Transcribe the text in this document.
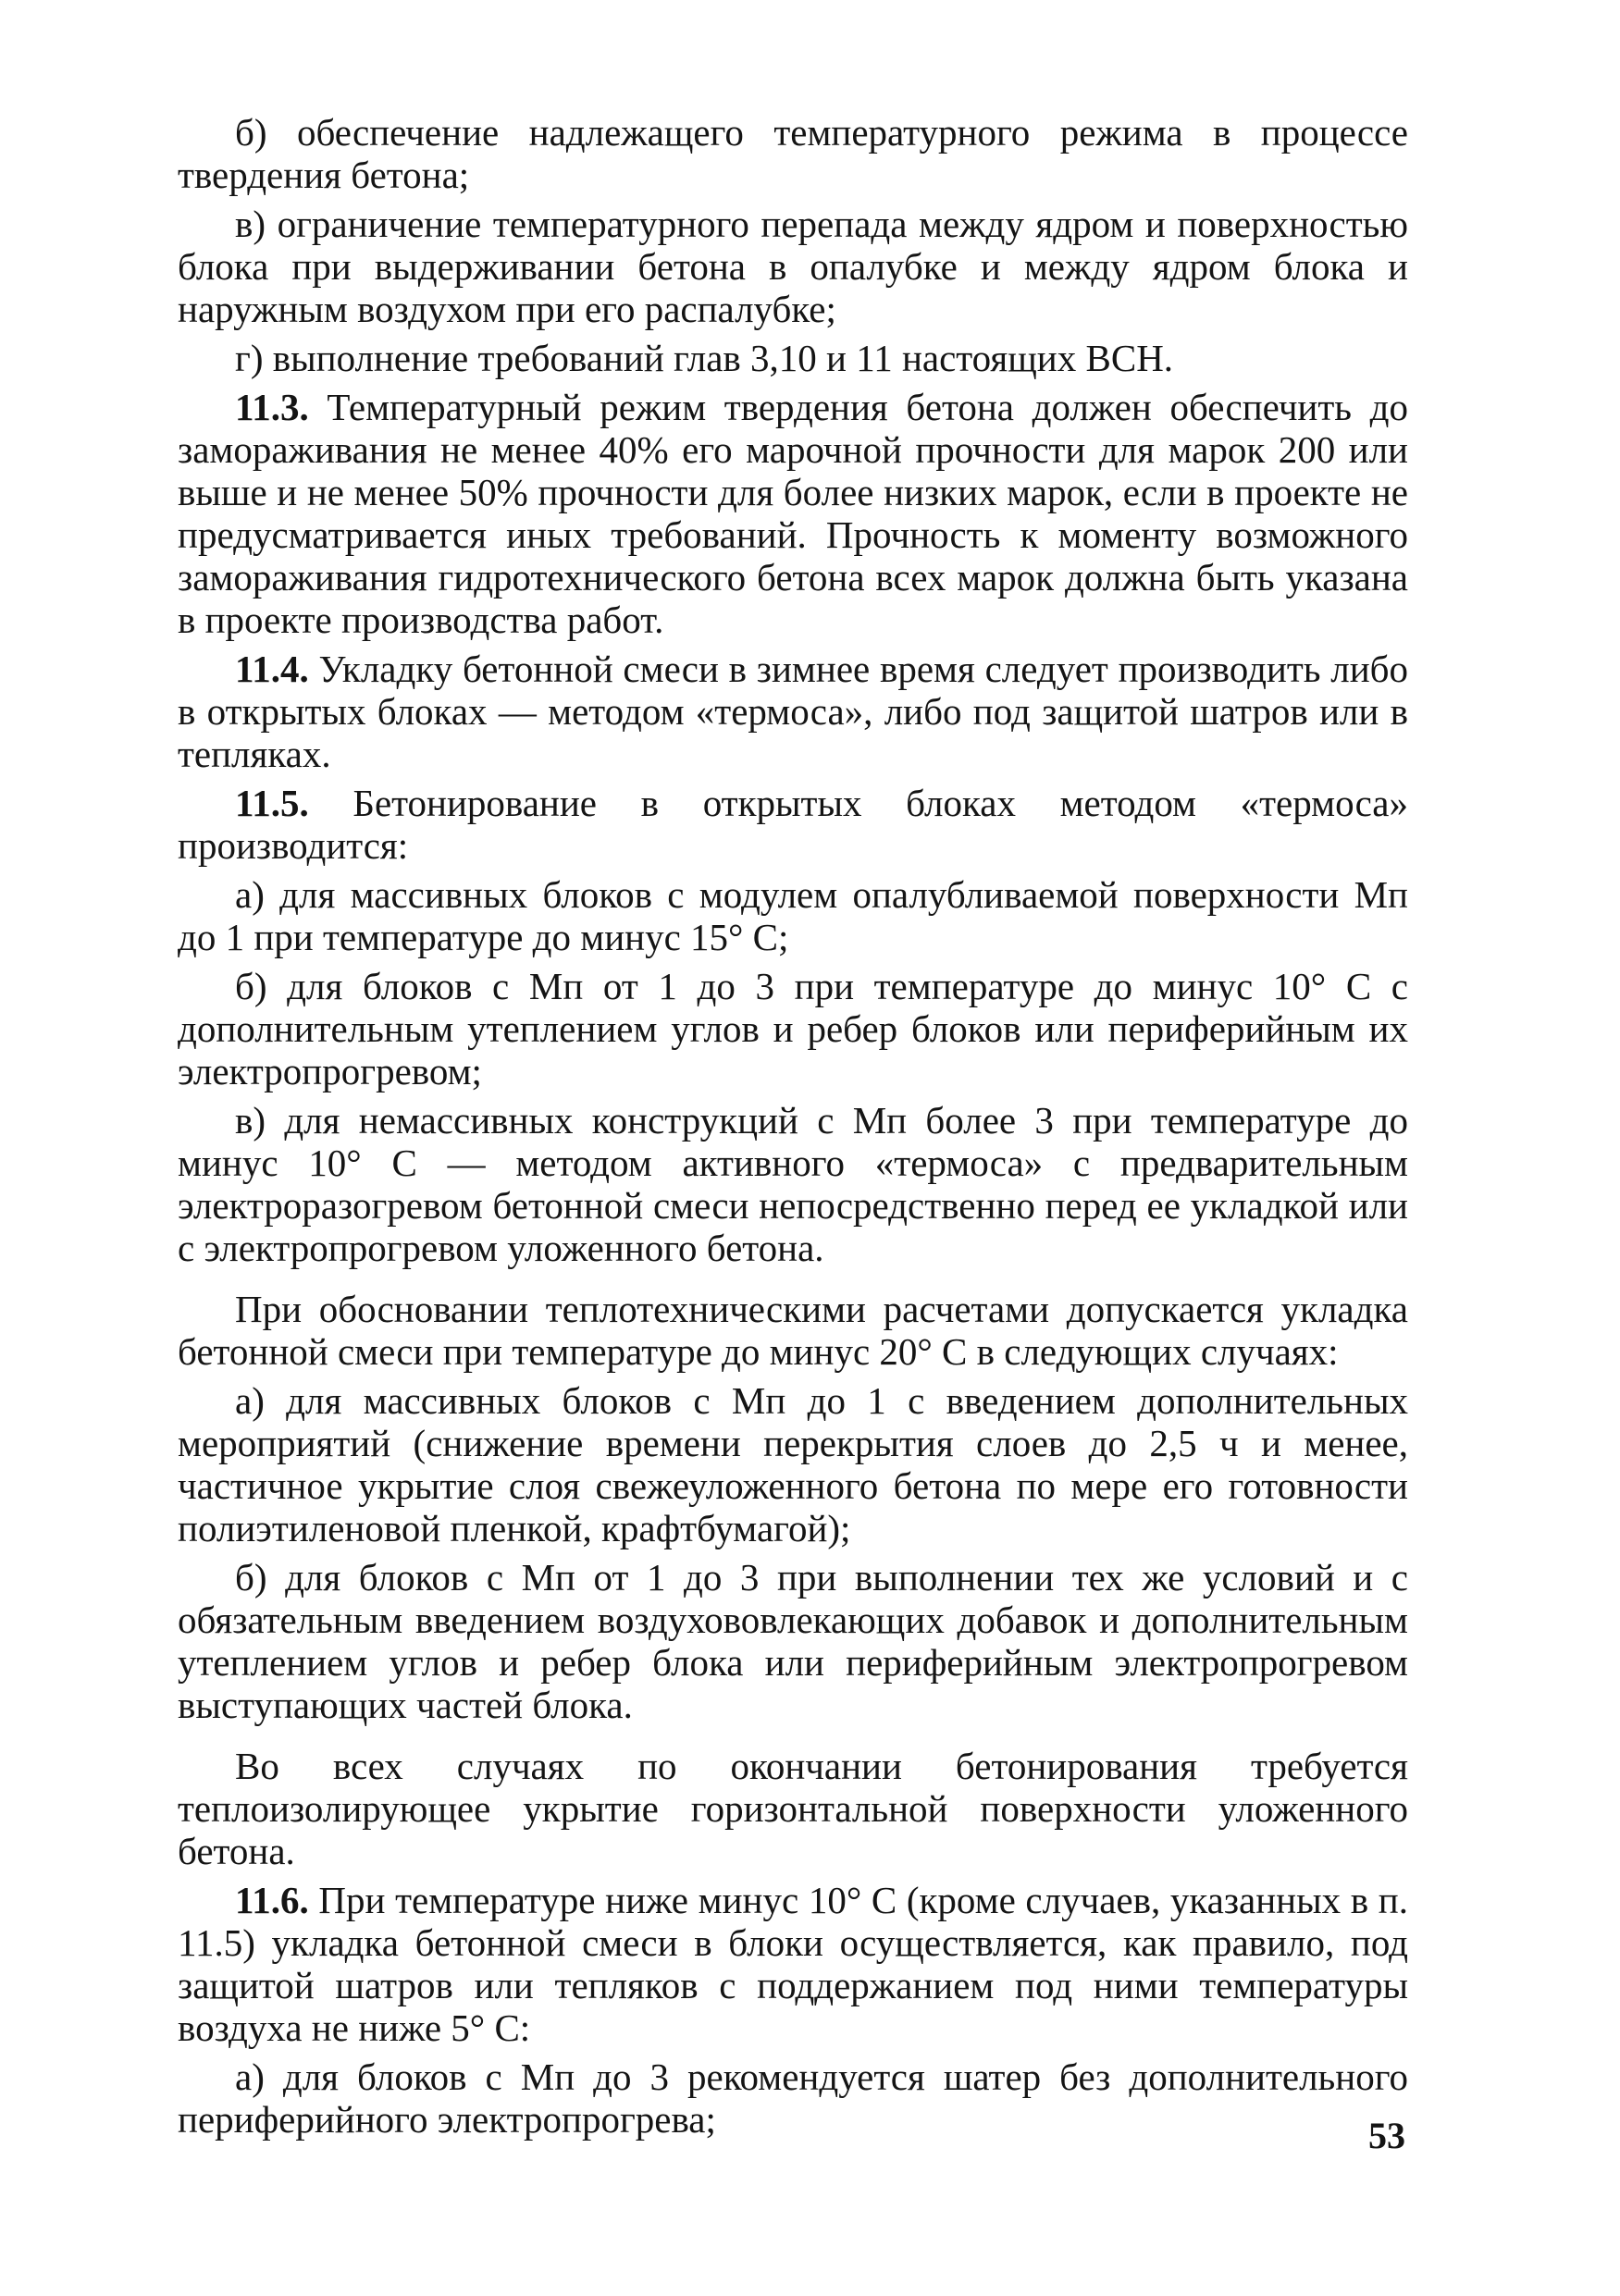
б) обеспечение надлежащего температурного режима в процессе твердения бетона;

в) ограничение температурного перепада между ядром и поверхностью блока при выдерживании бетона в опалубке и между ядром блока и наружным воздухом при его распалубке;

г) выполнение требований глав 3,10 и 11 настоящих ВСН.

11.3. Температурный режим твердения бетона должен обеспечить до замораживания не менее 40% его марочной прочности для марок 200 или выше и не менее 50% прочности для более низких марок, если в проекте не предусматривается иных требований. Прочность к моменту возможного замораживания гидротехнического бетона всех марок должна быть указана в проекте производства работ.

11.4. Укладку бетонной смеси в зимнее время следует производить либо в открытых блоках — методом «термоса», либо под защитой шатров или в тепляках.

11.5. Бетонирование в открытых блоках методом «термоса» производится:

а) для массивных блоков с модулем опалубливаемой поверхности Мп до 1 при температуре до минус 15° С;

б) для блоков с Мп от 1 до 3 при температуре до минус 10° С с дополнительным утеплением углов и ребер блоков или периферийным их электропрогревом;

в) для немассивных конструкций с Мп более 3 при температуре до минус 10° С — методом активного «термоса» с предварительным электроразогревом бетонной смеси непосредственно перед ее укладкой или с электропрогревом уложенного бетона.

При обосновании теплотехническими расчетами допускается укладка бетонной смеси при температуре до минус 20° С в следующих случаях:

а) для массивных блоков с Мп до 1 с введением дополнительных мероприятий (снижение времени перекрытия слоев до 2,5 ч и менее, частичное укрытие слоя свежеуложенного бетона по мере его готовности полиэтиленовой пленкой, крафтбумагой);

б) для блоков с Мп от 1 до 3 при выполнении тех же условий и с обязательным введением воздухововлекающих добавок и дополнительным утеплением углов и ребер блока или периферийным электропрогревом выступающих частей блока.

Во всех случаях по окончании бетонирования требуется теплоизолирующее укрытие горизонтальной поверхности уложенного бетона.

11.6. При температуре ниже минус 10° С (кроме случаев, указанных в п. 11.5) укладка бетонной смеси в блоки осуществляется, как правило, под защитой шатров или тепляков с поддержанием под ними температуры воздуха не ниже 5° С:

а) для блоков с Мп до 3 рекомендуется шатер без дополнительного периферийного электропрогрева;	53
